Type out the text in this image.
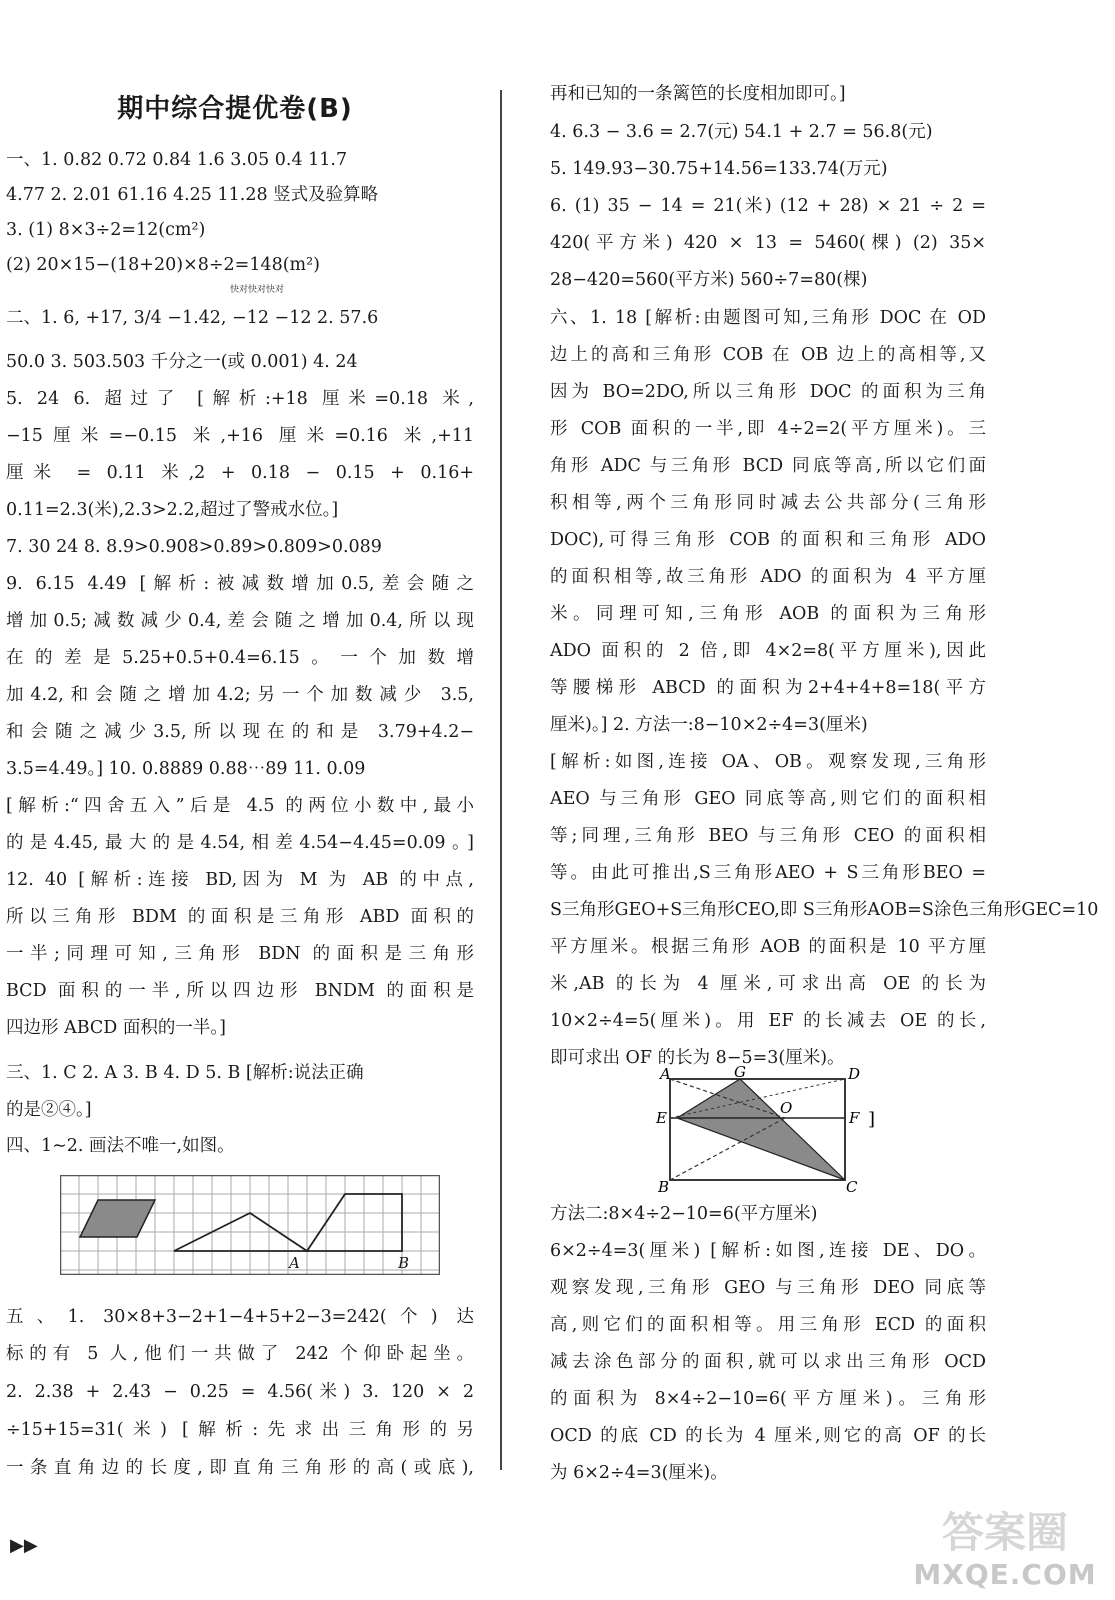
期中综合提优卷(B)
快对快对快对
一、1. 0.82 0.72 0.84 1.6 3.05 0.4 11.7
4.77 2. 2.01 61.16 4.25 11.28 竖式及验算略
3. (1) 8×3÷2=12(cm²)
(2) 20×15−(18+20)×8÷2=148(m²)
二、1. 6, +17, 3/4 −1.42, −12 −12 2. 57.6
50.0 3. 503.503 千分之一(或 0.001) 4. 24
5. 24 6. 超过了 [解析:+18 厘米=0.18 米,
−15厘米=−0.15 米,+16 厘米=0.16 米,+11
厘米 = 0.11 米,2 + 0.18 − 0.15 + 0.16+
0.11=2.3(米),2.3>2.2,超过了警戒水位。]
7. 30 24 8. 8.9>0.908>0.89>0.809>0.089
9. 6.15 4.49 [解析:被减数增加0.5,差会随之
增加0.5;减数减少0.4,差会随之增加0.4,所以现
在的差是5.25+0.5+0.4=6.15。一个加数增
加4.2,和会随之增加4.2;另一个加数减少 3.5,
和会随之减少3.5,所以现在的和是 3.79+4.2−
3.5=4.49。] 10. 0.8889 0.88⋯89 11. 0.09
[解析:“四舍五入”后是 4.5 的两位小数中,最小
的是4.45,最大的是4.54,相差4.54−4.45=0.09。]
12. 40 [解析:连接 BD,因为 M 为 AB 的中点,
所以三角形 BDM 的面积是三角形 ABD 面积的
一半;同理可知,三角形 BDN 的面积是三角形
BCD 面积的一半,所以四边形 BNDM 的面积是
四边形 ABCD 面积的一半。]
三、1. C 2. A 3. B 4. D 5. B [解析:说法正确
的是②④。]
四、1∼2. 画法不唯一,如图。
五、1. 30×8+3−2+1−4+5+2−3=242(个) 达
标的有 5 人,他们一共做了 242 个仰卧起坐。
2. 2.38 + 2.43 − 0.25 = 4.56(米) 3. 120 × 2
÷15+15=31(米) [解析:先求出三角形的另
一条直角边的长度,即直角三角形的高(或底),
再和已知的一条篱笆的长度相加即可。]
4. 6.3 − 3.6 = 2.7(元) 54.1 + 2.7 = 56.8(元)
5. 149.93−30.75+14.56=133.74(万元)
6. (1) 35 − 14 = 21(米) (12 + 28) × 21 ÷ 2 =
420(平方米) 420 × 13 = 5460(棵) (2) 35×
28−420=560(平方米) 560÷7=80(棵)
六、1. 18 [解析:由题图可知,三角形 DOC 在 OD
边上的高和三角形 COB 在 OB 边上的高相等,又
因为 BO=2DO,所以三角形 DOC 的面积为三角
形 COB 面积的一半,即 4÷2=2(平方厘米)。三
角形 ADC 与三角形 BCD 同底等高,所以它们面
积相等,两个三角形同时减去公共部分(三角形
DOC),可得三角形 COB 的面积和三角形 ADO
的面积相等,故三角形 ADO 的面积为 4 平方厘
米。同理可知,三角形 AOB 的面积为三角形
ADO 面积的 2 倍,即 4×2=8(平方厘米),因此
等腰梯形 ABCD 的面积为2+4+4+8=18(平方
厘米)。] 2. 方法一:8−10×2÷4=3(厘米)
[解析:如图,连接 OA、OB。观察发现,三角形
AEO 与三角形 GEO 同底等高,则它们的面积相
等;同理,三角形 BEO 与三角形 CEO 的面积相
等。由此可推出,S三角形AEO + S三角形BEO =
S三角形GEO+S三角形CEO,即 S三角形AOB=S涂色三角形GEC=10
平方厘米。根据三角形 AOB 的面积是 10 平方厘
米,AB 的长为 4 厘米,可求出高 OE 的长为
10×2÷4=5(厘米)。用 EF 的长减去 OE 的长,
即可求出 OF 的长为 8−5=3(厘米)。
方法二:8×4÷2−10=6(平方厘米)
6×2÷4=3(厘米) [解析:如图,连接 DE、DO。
观察发现,三角形 GEO 与三角形 DEO 同底等
高,则它们的面积相等。用三角形 ECD 的面积
减去涂色部分的面积,就可以求出三角形 OCD
的面积为 8×4÷2−10=6(平方厘米)。三角形
OCD 的底 CD 的长为 4 厘米,则它的高 OF 的长
为 6×2÷4=3(厘米)。
A	B
A	G	D
E
O
F
B	C
]
▶▶	答案圈
MXQE.COM
